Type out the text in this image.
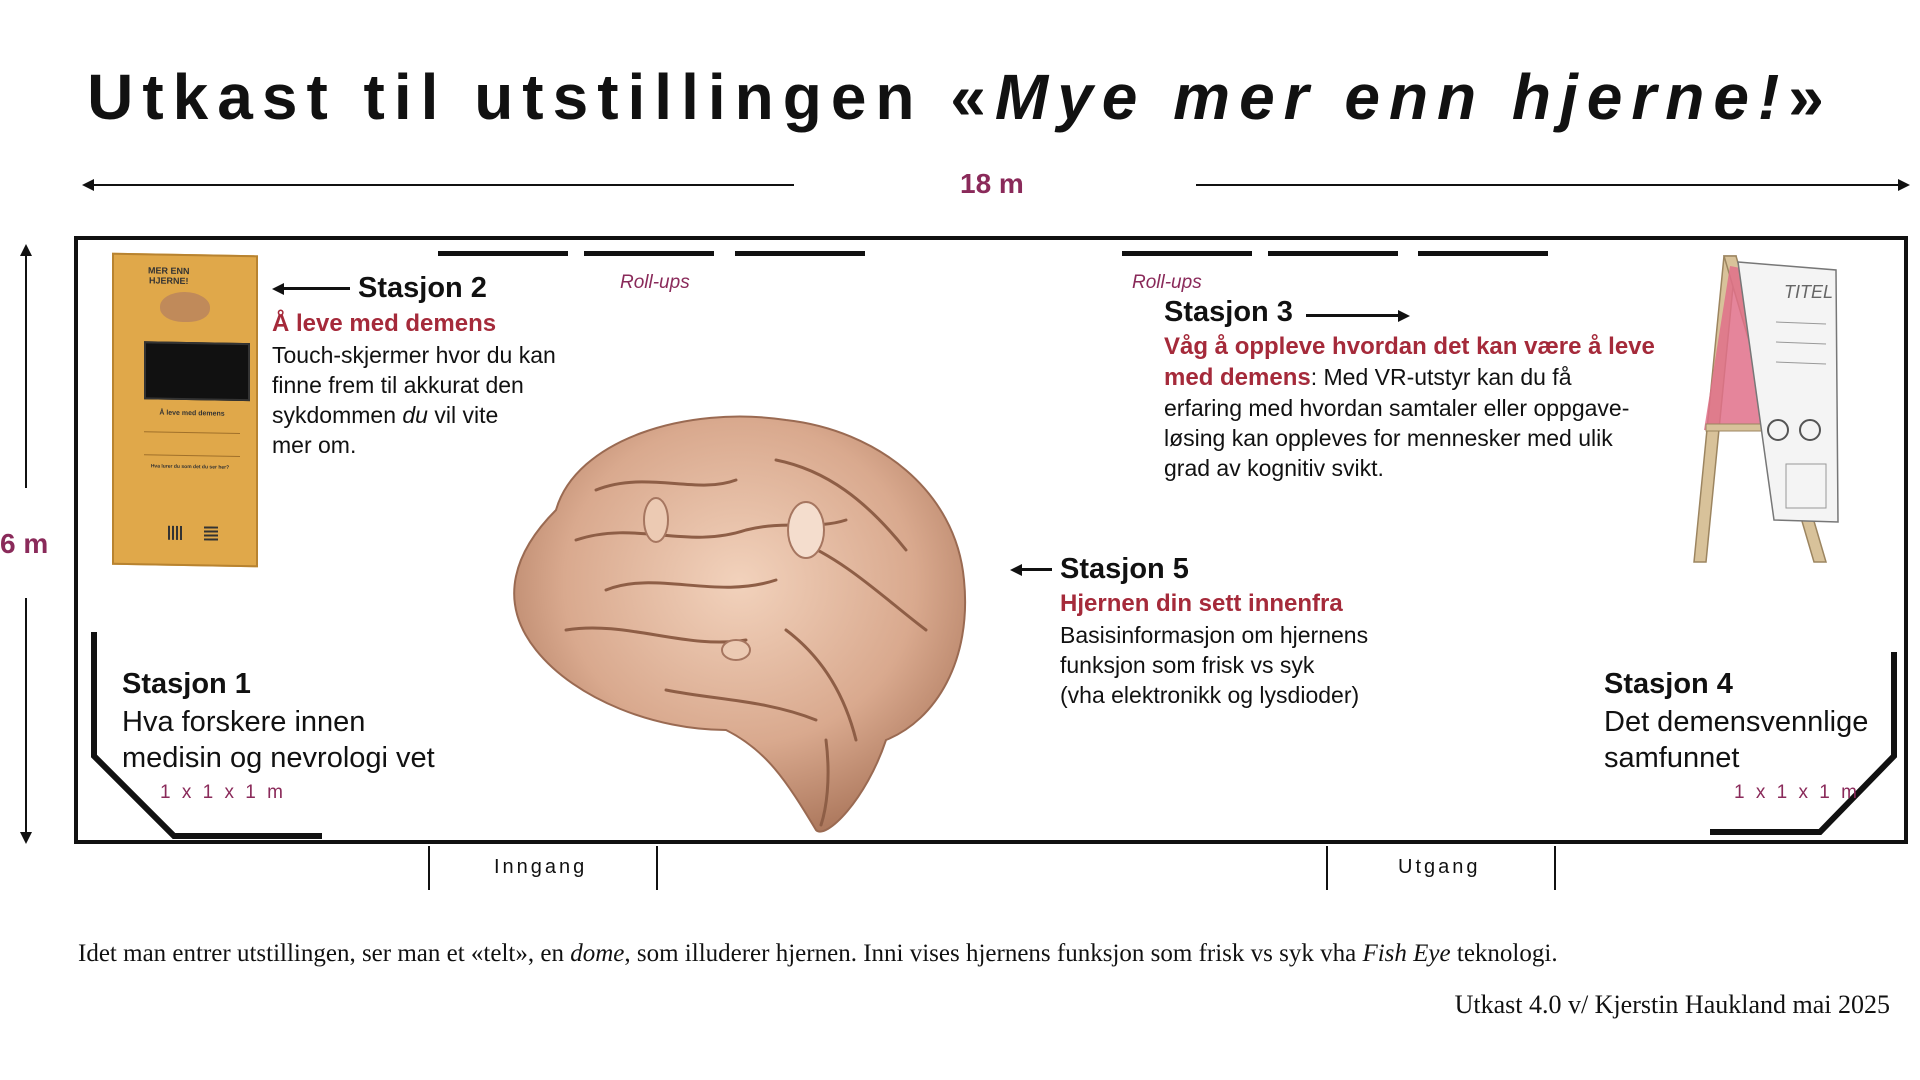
Utkast til utstillingen «Mye mer enn hjerne!»
18 m
6 m
Roll-ups	Roll-ups
MER ENN
HJERNE!
Å leve med demens
Hva lurer du som det du ser her?
Stasjon 2
Å leve med demens
Touch-skjermer hvor du kan
finne frem til akkurat den
sykdommen du vil vite
mer om.
TITEL
Stasjon 3
Våg å oppleve hvordan det kan være å leve
med demens: Med VR-utstyr kan du få
erfaring med hvordan samtaler eller oppgave-
løsing kan oppleves for mennesker med ulik
grad av kognitiv svikt.
Stasjon 5
Hjernen din sett innenfra
Basisinformasjon om hjernens
funksjon som frisk vs syk
(vha elektronikk og lysdioder)
Stasjon 1
Hva forskere innen
medisin og nevrologi vet
1 x 1 x 1 m
Stasjon 4
Det demensvennlige
samfunnet
1 x 1 x 1 m
Inngang	Utgang
Idet man entrer utstillingen, ser man et «telt», en dome, som illuderer hjernen. Inni vises hjernens funksjon som frisk vs syk vha Fish Eye teknologi.
Utkast 4.0 v/ Kjerstin Haukland mai 2025
